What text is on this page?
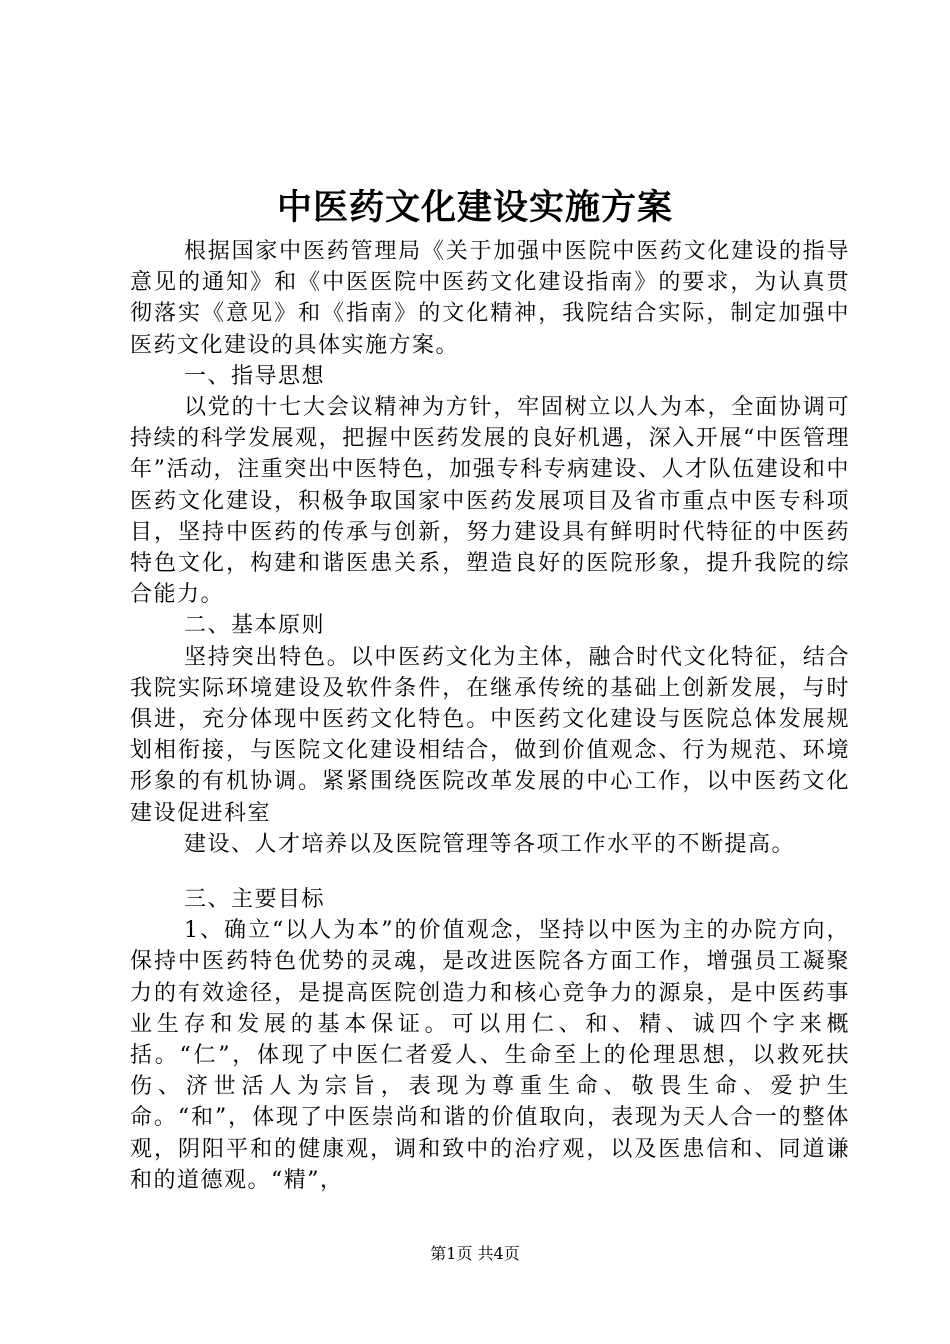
中医药文化建设实施方案

根据国家中医药管理局《关于加强中医院中医药文化建设的指导意见的通知》和《中医医院中医药文化建设指南》的要求，为认真贯彻落实《意见》和《指南》的文化精神，我院结合实际，制定加强中医药文化建设的具体实施方案。

一、指导思想

以党的十七大会议精神为方针，牢固树立以人为本，全面协调可持续的科学发展观，把握中医药发展的良好机遇，深入开展“中医管理年”活动，注重突出中医特色，加强专科专病建设、人才队伍建设和中医药文化建设，积极争取国家中医药发展项目及省市重点中医专科项目，坚持中医药的传承与创新，努力建设具有鲜明时代特征的中医药特色文化，构建和谐医患关系，塑造良好的医院形象，提升我院的综合能力。

二、基本原则

坚持突出特色。以中医药文化为主体，融合时代文化特征，结合我院实际环境建设及软件条件，在继承传统的基础上创新发展，与时俱进，充分体现中医药文化特色。中医药文化建设与医院总体发展规划相衔接，与医院文化建设相结合，做到价值观念、行为规范、环境形象的有机协调。紧紧围绕医院改革发展的中心工作，以中医药文化建设促进科室

建设、人才培养以及医院管理等各项工作水平的不断提高。

三、主要目标

1、确立“以人为本”的价值观念，坚持以中医为主的办院方向，保持中医药特色优势的灵魂，是改进医院各方面工作，增强员工凝聚力的有效途径，是提高医院创造力和核心竞争力的源泉，是中医药事业生存和发展的基本保证。可以用仁、和、精、诚四个字来概括。“仁”，体现了中医仁者爱人、生命至上的伦理思想，以救死扶伤、济世活人为宗旨，表现为尊重生命、敬畏生命、爱护生命。“和”，体现了中医崇尚和谐的价值取向，表现为天人合一的整体观，阴阳平和的健康观，调和致中的治疗观，以及医患信和、同道谦和的道德观。“精”，

第1页 共4页
